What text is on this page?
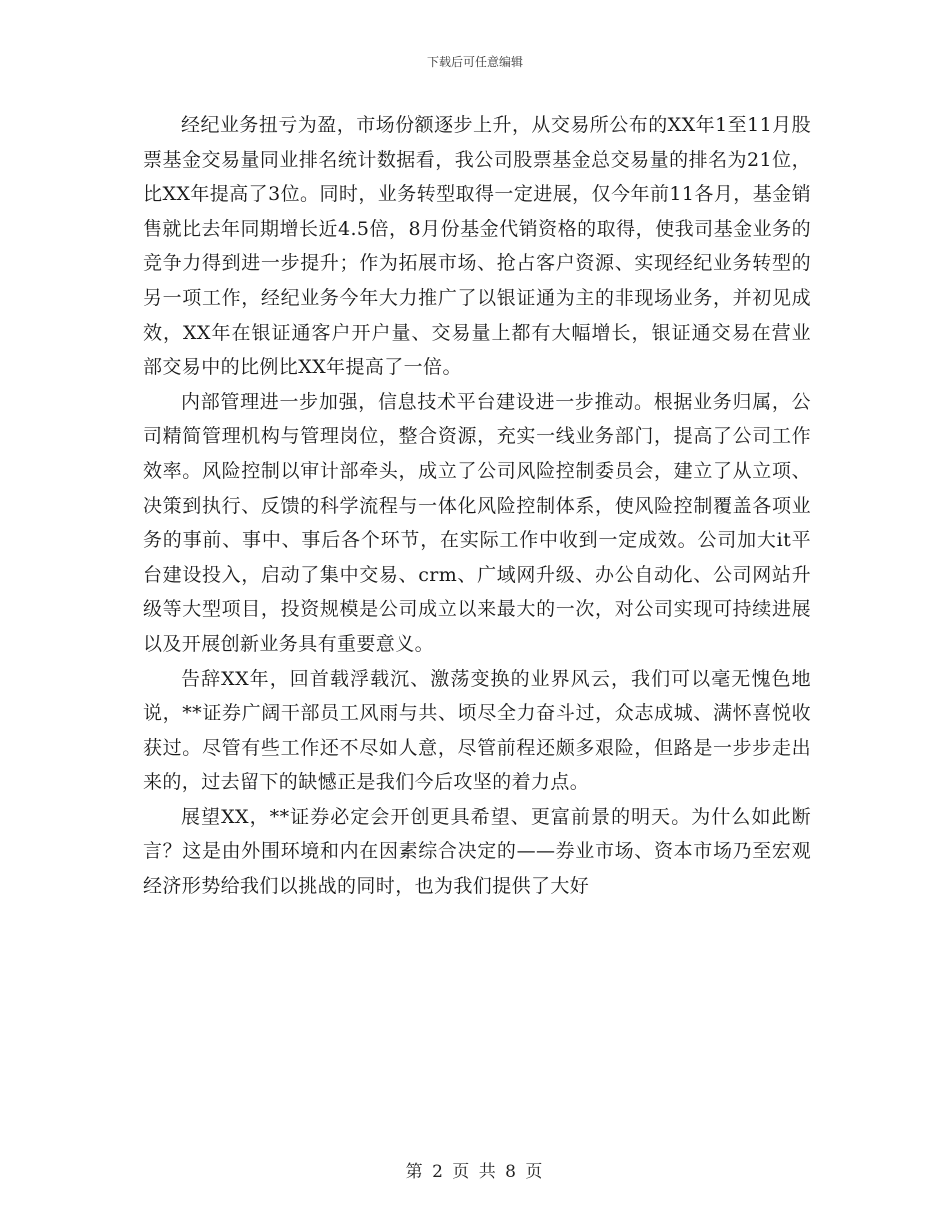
下载后可任意编辑

经纪业务扭亏为盈，市场份额逐步上升，从交易所公布的XX年1至11月股票基金交易量同业排名统计数据看，我公司股票基金总交易量的排名为21位，比XX年提高了3位。同时，业务转型取得一定进展，仅今年前11各月，基金销售就比去年同期增长近4.5倍，8月份基金代销资格的取得，使我司基金业务的竞争力得到进一步提升；作为拓展市场、抢占客户资源、实现经纪业务转型的另一项工作，经纪业务今年大力推广了以银证通为主的非现场业务，并初见成效，XX年在银证通客户开户量、交易量上都有大幅增长，银证通交易在营业部交易中的比例比XX年提高了一倍。

内部管理进一步加强，信息技术平台建设进一步推动。根据业务归属，公司精简管理机构与管理岗位，整合资源，充实一线业务部门，提高了公司工作效率。风险控制以审计部牵头，成立了公司风险控制委员会，建立了从立项、决策到执行、反馈的科学流程与一体化风险控制体系，使风险控制覆盖各项业务的事前、事中、事后各个环节，在实际工作中收到一定成效。公司加大it平台建设投入，启动了集中交易、crm、广域网升级、办公自动化、公司网站升级等大型项目，投资规模是公司成立以来最大的一次，对公司实现可持续进展以及开展创新业务具有重要意义。

告辞XX年，回首载浮载沉、激荡变换的业界风云，我们可以毫无愧色地说，**证券广阔干部员工风雨与共、顷尽全力奋斗过，众志成城、满怀喜悦收获过。尽管有些工作还不尽如人意，尽管前程还颇多艰险，但路是一步步走出来的，过去留下的缺憾正是我们今后攻坚的着力点。

展望XX，**证券必定会开创更具希望、更富前景的明天。为什么如此断言？这是由外围环境和内在因素综合决定的——券业市场、资本市场乃至宏观经济形势给我们以挑战的同时，也为我们提供了大好

第 2 页 共 8 页
